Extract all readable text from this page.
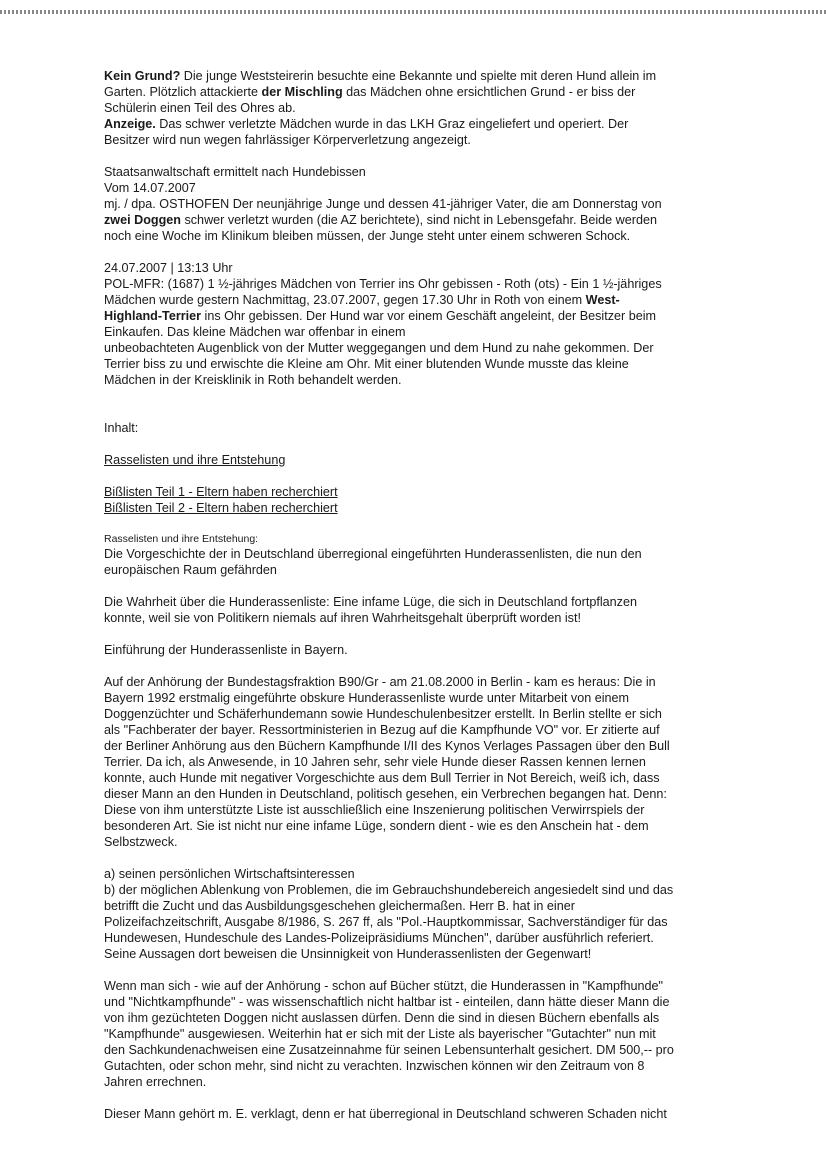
Kein Grund? Die junge Weststeirerin besuchte eine Bekannte und spielte mit deren Hund allein im
Garten. Plötzlich attackierte der Mischling das Mädchen ohne ersichtlichen Grund - er biss der
Schülerin einen Teil des Ohres ab.
Anzeige. Das schwer verletzte Mädchen wurde in das LKH Graz eingeliefert und operiert. Der
Besitzer wird nun wegen fahrlässiger Körperverletzung angezeigt.
Staatsanwaltschaft ermittelt nach Hundebissen
Vom 14.07.2007
mj. / dpa. OSTHOFEN Der neunjährige Junge und dessen 41-jähriger Vater, die am Donnerstag von
zwei Doggen schwer verletzt wurden (die AZ berichtete), sind nicht in Lebensgefahr. Beide werden
noch eine Woche im Klinikum bleiben müssen, der Junge steht unter einem schweren Schock.
24.07.2007 | 13:13 Uhr
POL-MFR: (1687) 1 ½-jähriges Mädchen von Terrier ins Ohr gebissen - Roth (ots) - Ein 1 ½-jähriges
Mädchen wurde gestern Nachmittag, 23.07.2007, gegen 17.30 Uhr in Roth von einem West-
Highland-Terrier ins Ohr gebissen. Der Hund war vor einem Geschäft angeleint, der Besitzer beim
Einkaufen. Das kleine Mädchen war offenbar in einem
unbeobachteten Augenblick von der Mutter weggegangen und dem Hund zu nahe gekommen. Der
Terrier biss zu und erwischte die Kleine am Ohr. Mit einer blutenden Wunde musste das kleine
Mädchen in der Kreisklinik in Roth behandelt werden.
Inhalt:
Rasselisten und ihre Entstehung
Bißlisten Teil 1 - Eltern haben recherchiert
Bißlisten Teil 2 - Eltern haben recherchiert
Rasselisten und ihre Entstehung:
Die Vorgeschichte der in Deutschland überregional eingeführten Hunderassenlisten, die nun den
europäischen Raum gefährden
Die Wahrheit über die Hunderassenliste: Eine infame Lüge, die sich in Deutschland fortpflanzen
konnte, weil sie von Politikern niemals auf ihren Wahrheitsgehalt überprüft worden ist!
Einführung der Hunderassenliste in Bayern.
Auf der Anhörung der Bundestagsfraktion B90/Gr - am 21.08.2000 in Berlin - kam es heraus: Die in
Bayern 1992 erstmalig eingeführte obskure Hunderassenliste wurde unter Mitarbeit von einem
Doggenzüchter und Schäferhundemann sowie Hundeschulenbesitzer erstellt. In Berlin stellte er sich
als "Fachberater der bayer. Ressortministerien in Bezug auf die Kampfhunde VO" vor. Er zitierte auf
der Berliner Anhörung aus den Büchern Kampfhunde I/II des Kynos Verlages Passagen über den Bull
Terrier. Da ich, als Anwesende, in 10 Jahren sehr, sehr viele Hunde dieser Rassen kennen lernen
konnte, auch Hunde mit negativer Vorgeschichte aus dem Bull Terrier in Not Bereich, weiß ich, dass
dieser Mann an den Hunden in Deutschland, politisch gesehen, ein Verbrechen begangen hat. Denn:
Diese von ihm unterstützte Liste ist ausschließlich eine Inszenierung politischen Verwirrspiels der
besonderen Art. Sie ist nicht nur eine infame Lüge, sondern dient - wie es den Anschein hat - dem
Selbstzweck.
a) seinen persönlichen Wirtschaftsinteressen
b) der möglichen Ablenkung von Problemen, die im Gebrauchshundebereich angesiedelt sind und das
betrifft die Zucht und das Ausbildungsgeschehen gleichermaßen. Herr B. hat in einer
Polizeifachzeitschrift, Ausgabe 8/1986, S. 267 ff, als "Pol.-Hauptkommissar, Sachverständiger für das
Hundewesen, Hundeschule des Landes-Polizeipräsidiums München", darüber ausführlich referiert.
Seine Aussagen dort beweisen die Unsinnigkeit von Hunderassenlisten der Gegenwart!
Wenn man sich - wie auf der Anhörung - schon auf Bücher stützt, die Hunderassen in "Kampfhunde"
und "Nichtkampfhunde" - was wissenschaftlich nicht haltbar ist - einteilen, dann hätte dieser Mann die
von ihm gezüchteten Doggen nicht auslassen dürfen. Denn die sind in diesen Büchern ebenfalls als
"Kampfhunde" ausgewiesen. Weiterhin hat er sich mit der Liste als bayerischer "Gutachter" nun mit
den Sachkundenachweisen eine Zusatzeinnahme für seinen Lebensunterhalt gesichert. DM 500,-- pro
Gutachten, oder schon mehr, sind nicht zu verachten. Inzwischen können wir den Zeitraum von 8
Jahren errechnen.
Dieser Mann gehört m. E. verklagt, denn er hat überregional in Deutschland schweren Schaden nicht
